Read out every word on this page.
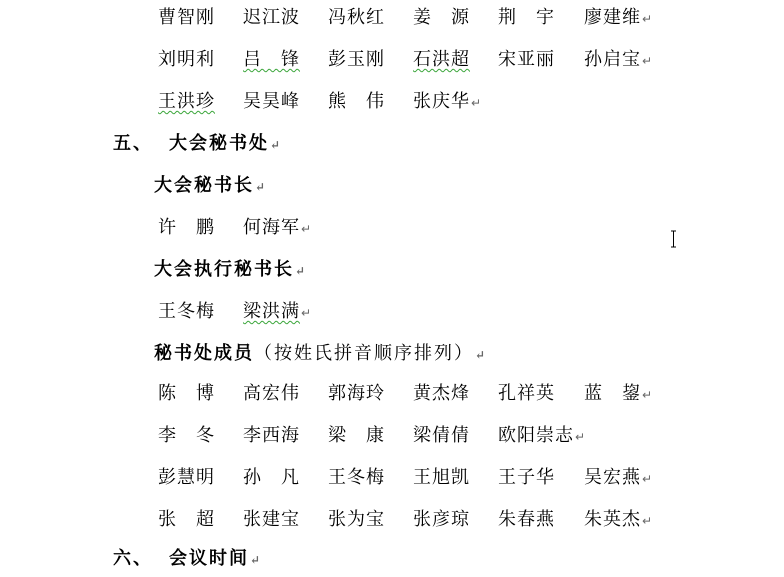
曹智刚 迟江波 冯秋红 姜　源 荆　宇 廖建维↵
刘明利 吕　锋 彭玉刚 石洪超 宋亚丽 孙启宝↵
王洪珍 吴昊峰 熊　伟 张庆华↵
五、 大会秘书处↵
大会秘书长↵
许　鹏 何海军↵
大会执行秘书长↵
王冬梅 梁洪满↵
秘书处成员（按姓氏拼音顺序排列）↵
陈　博 高宏伟 郭海玲 黄杰烽 孔祥英 蓝　鋆↵
李　冬 李西海 梁　康 梁倩倩 欧阳崇志↵
彭慧明 孙　凡 王冬梅 王旭凯 王子华 吴宏燕↵
张　超 张建宝 张为宝 张彦琼 朱春燕 朱英杰↵
六、 会议时间↵
